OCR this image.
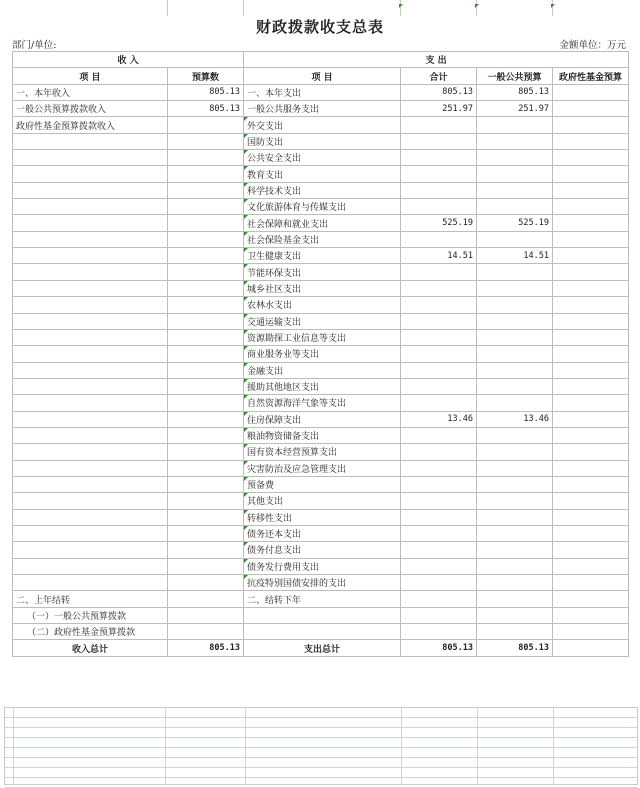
财政拨款收支总表
部门/单位:	金额单位：万元
收 入		支 出			
项 目	预算数	项 目	合计	一般公共预算	政府性基金预算
一、本年收入	805.13	一、本年支出	805.13	805.13	
一般公共预算拨款收入	805.13	一般公共服务支出	251.97	251.97	
政府性基金预算拨款收入		外交支出			
		国防支出			
		公共安全支出			
		教育支出			
		科学技术支出			
		文化旅游体育与传媒支出			
		社会保障和就业支出	525.19	525.19	
		社会保险基金支出			
		卫生健康支出	14.51	14.51	
		节能环保支出			
		城乡社区支出			
		农林水支出			
		交通运输支出			
		资源勘探工业信息等支出			
		商业服务业等支出			
		金融支出			
		援助其他地区支出			
		自然资源海洋气象等支出			
		住房保障支出	13.46	13.46	
		粮油物资储备支出			
		国有资本经营预算支出			
		灾害防治及应急管理支出			
		预备费			
		其他支出			
		转移性支出			
		债务还本支出			
		债务付息支出			
		债务发行费用支出			
		抗疫特别国债安排的支出			
二、上年结转		二、结转下年			
（一）一般公共预算拨款					
（二）政府性基金预算拨款					
收入总计	805.13	支出总计	805.13	805.13	
